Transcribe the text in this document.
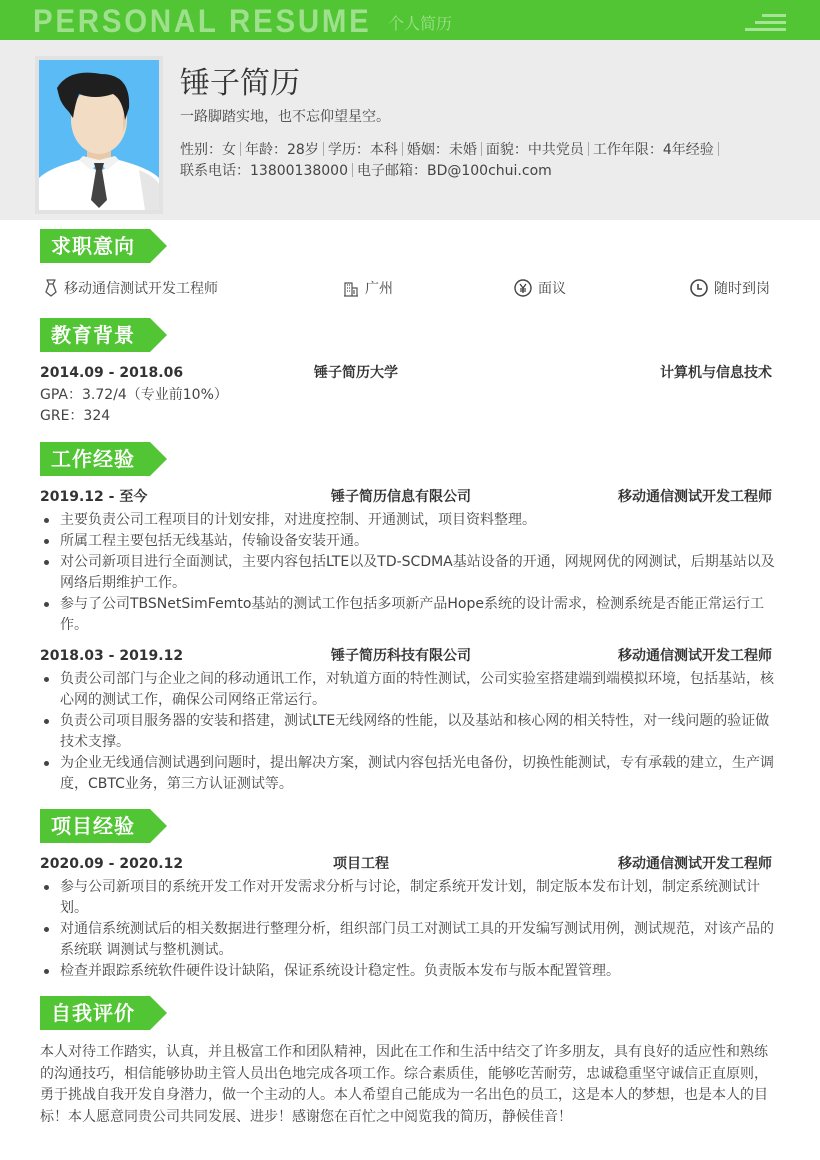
PERSONAL RESUME 个人简历
锤子简历
一路脚踏实地，也不忘仰望星空。
性别：女 年龄：28岁 学历：本科 婚姻：未婚 面貌：中共党员 工作年限：4年经验
联系电话：13800138000 电子邮箱：BD@100chui.com
求职意向
移动通信测试开发工程师	广州	面议	随时到岗
教育背景
2014.09 - 2018.06	锤子简历大学	计算机与信息技术
GPA：3.72/4（专业前10%）
GRE：324
工作经验
2019.12 - 至今	锤子简历信息有限公司	移动通信测试开发工程师
主要负责公司工程项目的计划安排，对进度控制、开通测试，项目资料整理。
所属工程主要包括无线基站，传输设备安装开通。
对公司新项目进行全面测试，主要内容包括LTE以及TD-SCDMA基站设备的开通，网规网优的网测试，后期基站以及网络后期维护工作。
参与了公司TBSNetSimFemto基站的测试工作包括多项新产品Hope系统的设计需求，检测系统是否能正常运行工作。
2018.03 - 2019.12	锤子简历科技有限公司	移动通信测试开发工程师
负责公司部门与企业之间的移动通讯工作，对轨道方面的特性测试，公司实验室搭建端到端模拟环境，包括基站，核心网的测试工作，确保公司网络正常运行。
负责公司项目服务器的安装和搭建，测试LTE无线网络的性能，以及基站和核心网的相关特性，对一线问题的验证做技术支撑。
为企业无线通信测试遇到问题时，提出解决方案，测试内容包括光电备份，切换性能测试，专有承载的建立，生产调度，CBTC业务，第三方认证测试等。
项目经验
2020.09 - 2020.12	项目工程	移动通信测试开发工程师
参与公司新项目的系统开发工作对开发需求分析与讨论，制定系统开发计划，制定版本发布计划，制定系统测试计划。
对通信系统测试后的相关数据进行整理分析，组织部门员工对测试工具的开发编写测试用例，测试规范，对该产品的系统联 调测试与整机测试。
检查并跟踪系统软件硬件设计缺陷，保证系统设计稳定性。负责版本发布与版本配置管理。
自我评价
本人对待工作踏实，认真，并且极富工作和团队精神，因此在工作和生活中结交了许多朋友，具有良好的适应性和熟练的沟通技巧，相信能够协助主管人员出色地完成各项工作。综合素质佳，能够吃苦耐劳，忠诚稳重坚守诚信正直原则，勇于挑战自我开发自身潜力，做一个主动的人。本人希望自己能成为一名出色的员工，这是本人的梦想，也是本人的目标！本人愿意同贵公司共同发展、进步！感谢您在百忙之中阅览我的简历，静候佳音！
